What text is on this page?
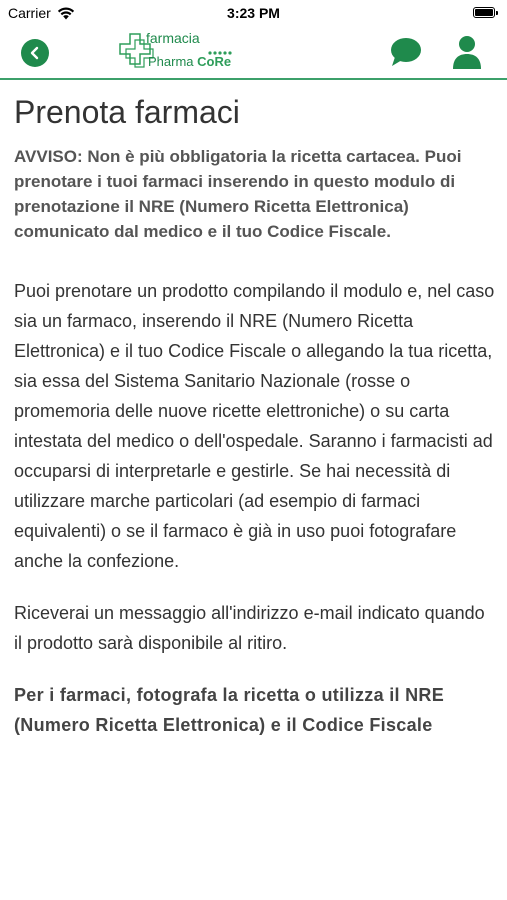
Carrier	3:23 PM
farmacia
Pharma CoRe
Prenota farmaci

AVVISO: Non è più obbligatoria la ricetta cartacea. Puoi prenotare i tuoi farmaci inserendo in questo modulo di prenotazione il NRE (Numero Ricetta Elettronica) comunicato dal medico e il tuo Codice Fiscale.

Puoi prenotare un prodotto compilando il modulo e, nel caso sia un farmaco, inserendo il NRE (Numero Ricetta Elettronica) e il tuo Codice Fiscale o allegando la tua ricetta, sia essa del Sistema Sanitario Nazionale (rosse o promemoria delle nuove ricette elettroniche) o su carta intestata del medico o dell'ospedale. Saranno i farmacisti ad occuparsi di interpretarle e gestirle. Se hai necessità di utilizzare marche particolari (ad esempio di farmaci equivalenti) o se il farmaco è già in uso puoi fotografare anche la confezione.

Riceverai un messaggio all'indirizzo e-mail indicato quando il prodotto sarà disponibile al ritiro.

Per i farmaci, fotografa la ricetta o utilizza il NRE (Numero Ricetta Elettronica) e il Codice Fiscale
